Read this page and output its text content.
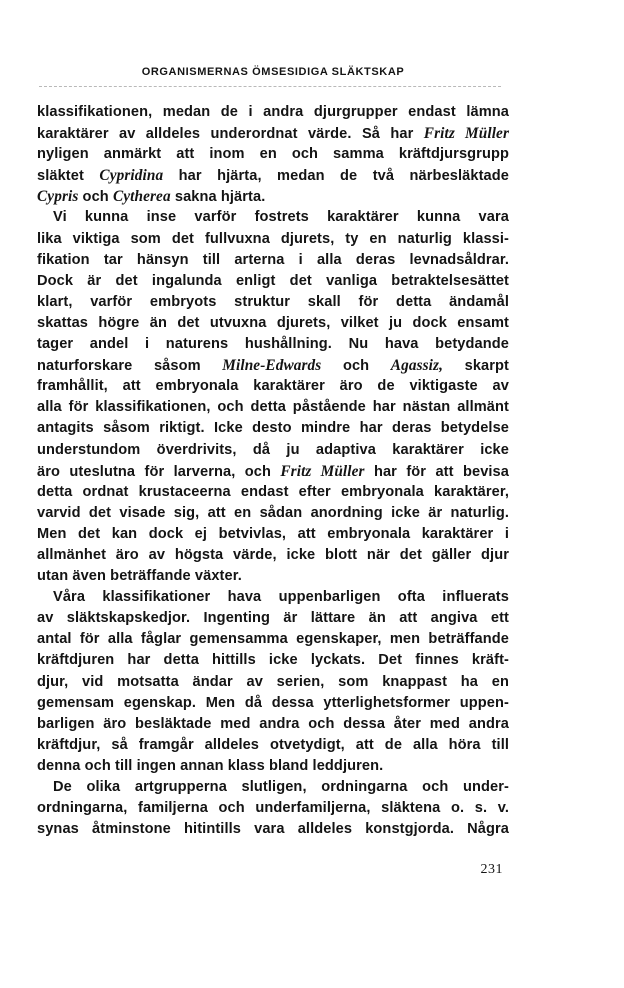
ORGANISMERNAS ÖMSESIDIGA SLÄKTSKAP
klassifikationen, medan de i andra djurgrupper endast lämna
karaktärer av alldeles underordnat värde. Så har Fritz Müller
nyligen anmärkt att inom en och samma kräftdjursgrupp
släktet Cypridina har hjärta, medan de två närbesläktade
Cypris och Cytherea sakna hjärta.
Vi kunna inse varför fostrets karaktärer kunna vara
lika viktiga som det fullvuxna djurets, ty en naturlig klassi-
fikation tar hänsyn till arterna i alla deras levnadsåldrar.
Dock är det ingalunda enligt det vanliga betraktelsesättet
klart, varför embryots struktur skall för detta ändamål
skattas högre än det utvuxna djurets, vilket ju dock ensamt
tager andel i naturens hushållning. Nu hava betydande
naturforskare såsom Milne-Edwards och Agassiz, skarpt
framhållit, att embryonala karaktärer äro de viktigaste av
alla för klassifikationen, och detta påstående har nästan allmänt
antagits såsom riktigt. Icke desto mindre har deras betydelse
understundom överdrivits, då ju adaptiva karaktärer icke
äro uteslutna för larverna, och Fritz Müller har för att bevisa
detta ordnat krustaceerna endast efter embryonala karaktärer,
varvid det visade sig, att en sådan anordning icke är naturlig.
Men det kan dock ej betvivlas, att embryonala karaktärer i
allmänhet äro av högsta värde, icke blott när det gäller djur
utan även beträffande växter.
Våra klassifikationer hava uppenbarligen ofta influerats
av släktskapskedjor. Ingenting är lättare än att angiva ett
antal för alla fåglar gemensamma egenskaper, men beträffande
kräftdjuren har detta hittills icke lyckats. Det finnes kräft-
djur, vid motsatta ändar av serien, som knappast ha en
gemensam egenskap. Men då dessa ytterlighetsformer uppen-
barligen äro besläktade med andra och dessa åter med andra
kräftdjur, så framgår alldeles otvetydigt, att de alla höra till
denna och till ingen annan klass bland leddjuren.
De olika artgrupperna slutligen, ordningarna och under-
ordningarna, familjerna och underfamiljerna, släktena o. s. v.
synas åtminstone hitintills vara alldeles konstgjorda. Några
231
